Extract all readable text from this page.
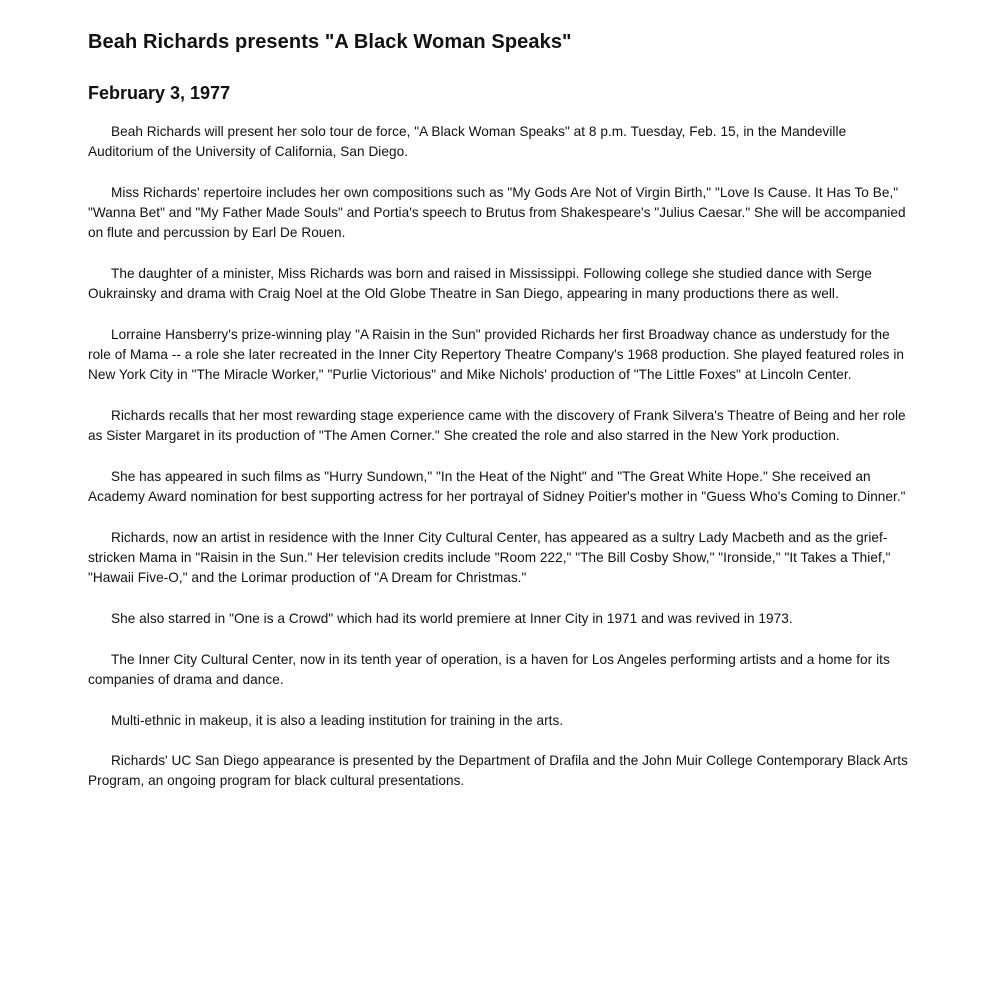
Beah Richards presents "A Black Woman Speaks"
February 3, 1977

Beah Richards will present her solo tour de force, "A Black Woman Speaks" at 8 p.m. Tuesday, Feb. 15, in the Mandeville Auditorium of the University of California, San Diego.

Miss Richards' repertoire includes her own compositions such as "My Gods Are Not of Virgin Birth," "Love Is Cause. It Has To Be," "Wanna Bet" and "My Father Made Souls" and Portia's speech to Brutus from Shakespeare's "Julius Caesar." She will be accompanied on flute and percussion by Earl De Rouen.

The daughter of a minister, Miss Richards was born and raised in Mississippi. Following college she studied dance with Serge Oukrainsky and drama with Craig Noel at the Old Globe Theatre in San Diego, appearing in many productions there as well.

Lorraine Hansberry's prize-winning play "A Raisin in the Sun" provided Richards her first Broadway chance as understudy for the role of Mama -- a role she later recreated in the Inner City Repertory Theatre Company's 1968 production. She played featured roles in New York City in "The Miracle Worker," "Purlie Victorious" and Mike Nichols' production of "The Little Foxes" at Lincoln Center.

Richards recalls that her most rewarding stage experience came with the discovery of Frank Silvera's Theatre of Being and her role as Sister Margaret in its production of "The Amen Corner." She created the role and also starred in the New York production.

She has appeared in such films as "Hurry Sundown," "In the Heat of the Night" and "The Great White Hope." She received an Academy Award nomination for best supporting actress for her portrayal of Sidney Poitier's mother in "Guess Who's Coming to Dinner."

Richards, now an artist in residence with the Inner City Cultural Center, has appeared as a sultry Lady Macbeth and as the grief-stricken Mama in "Raisin in the Sun." Her television credits include "Room 222," "The Bill Cosby Show," "Ironside," "It Takes a Thief," "Hawaii Five-O," and the Lorimar production of "A Dream for Christmas."

She also starred in "One is a Crowd" which had its world premiere at Inner City in 1971 and was revived in 1973.

The Inner City Cultural Center, now in its tenth year of operation, is a haven for Los Angeles performing artists and a home for its companies of drama and dance.

Multi-ethnic in makeup, it is also a leading institution for training in the arts.

Richards' UC San Diego appearance is presented by the Department of Drafila and the John Muir College Contemporary Black Arts Program, an ongoing program for black cultural presentations.
